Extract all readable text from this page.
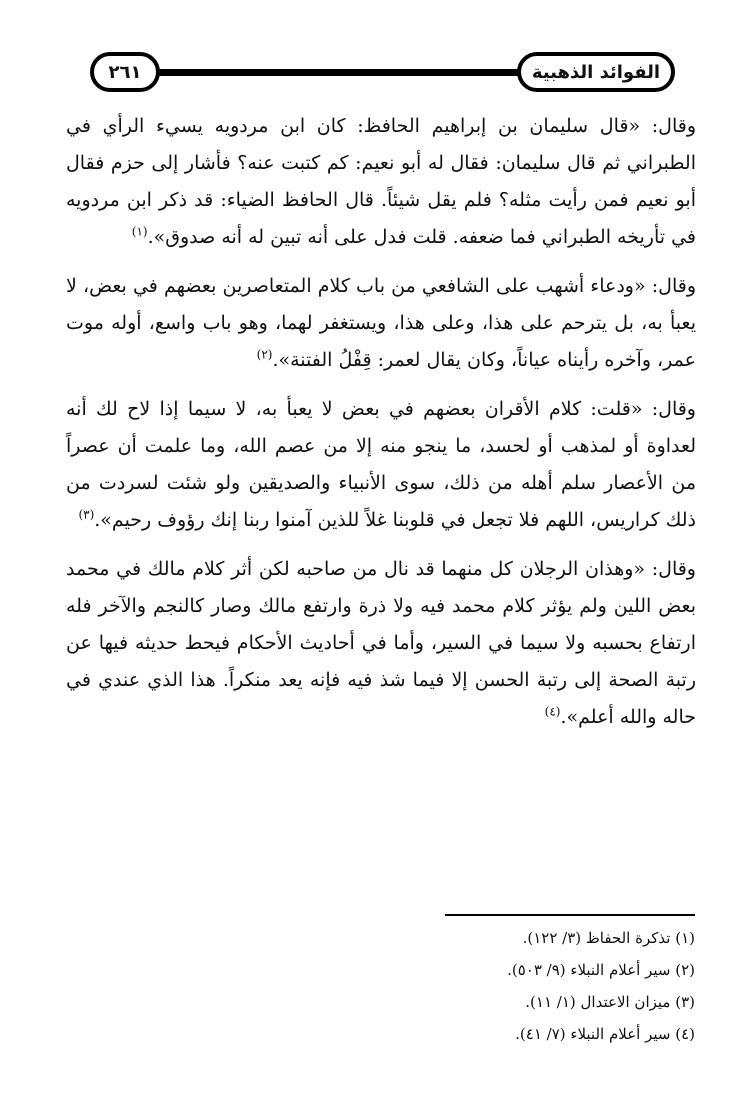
الفوائد الذهبية
٢٦١

وقال: «قال سليمان بن إبراهيم الحافظ: كان ابن مردويه يسيء الرأي في الطبراني ثم قال سليمان: فقال له أبو نعيم: كم كتبت عنه؟ فأشار إلى حزم فقال أبو نعيم فمن رأيت مثله؟ فلم يقل شيئاً. قال الحافظ الضياء: قد ذكر ابن مردويه في تأريخه الطبراني فما ضعفه. قلت فدل على أنه تبين له أنه صدوق».$^{(١)}$

وقال: «ودعاء أشهب على الشافعي من باب كلام المتعاصرين بعضهم في بعض، لا يعبأ به، بل يترحم على هذا، وعلى هذا، ويستغفر لهما، وهو باب واسع، أوله موت عمر، وآخره رأيناه عياناً، وكان يقال لعمر: قِفْلُ الفتنة».$^{(٢)}$

وقال: «قلت: كلام الأقران بعضهم في بعض لا يعبأ به، لا سيما إذا لاح لك أنه لعداوة أو لمذهب أو لحسد، ما ينجو منه إلا من عصم الله، وما علمت أن عصراً من الأعصار سلم أهله من ذلك، سوى الأنبياء والصديقين ولو شئت لسردت من ذلك كراريس، اللهم فلا تجعل في قلوبنا غلاً للذين آمنوا ربنا إنك رؤوف رحيم».$^{(٣)}$

وقال: «وهذان الرجلان كل منهما قد نال من صاحبه لكن أثر كلام مالك في محمد بعض اللين ولم يؤثر كلام محمد فيه ولا ذرة وارتفع مالك وصار كالنجم والآخر فله ارتفاع بحسبه ولا سيما في السير، وأما في أحاديث الأحكام فيحط حديثه فيها عن رتبة الصحة إلى رتبة الحسن إلا فيما شذ فيه فإنه يعد منكراً. هذا الذي عندي في حاله والله أعلم».$^{(٤)}$

(١) تذكرة الحفاظ (٣/ ١٢٢).
(٢) سير أعلام النبلاء (٩/ ٥٠٣).
(٣) ميزان الاعتدال (١/ ١١).
(٤) سير أعلام النبلاء (٧/ ٤١).
